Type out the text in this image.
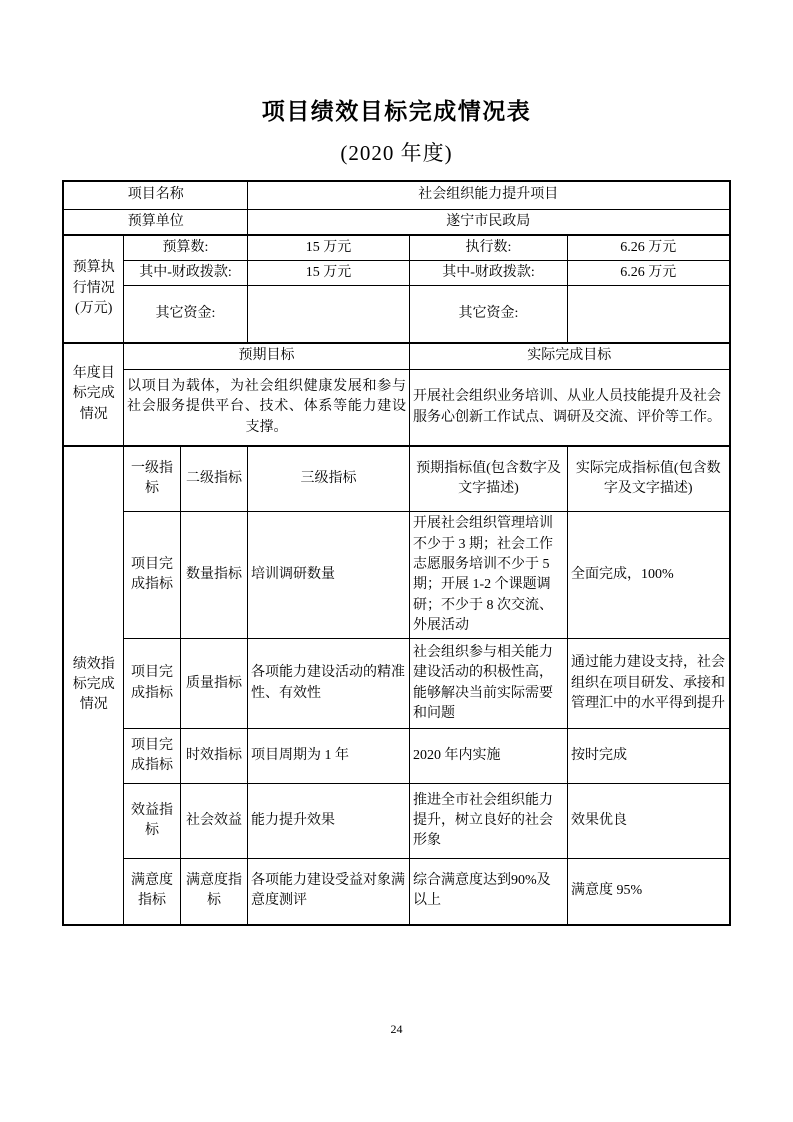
项目绩效目标完成情况表
(2020 年度)
项目名称			社会组织能力提升项目		
预算单位			遂宁市民政局		
预算执行情况(万元)	预算数:		15 万元	执行数:	6.26 万元
	其中-财政拨款:		15 万元	其中-财政拨款:	6.26 万元
	其它资金:			其它资金:	
年度目标完成情况	预期目标			实际完成目标	
	以项目为载体，为社会组织健康发展和参与社会服务提供平台、技术、体系等能力建设支撑。			开展社会组织业务培训、从业人员技能提升及社会服务心创新工作试点、调研及交流、评价等工作。	
绩效指标完成情况	一级指标	二级指标	三级指标	预期指标值(包含数字及文字描述)	实际完成指标值(包含数字及文字描述)
	项目完成指标	数量指标	培训调研数量	开展社会组织管理培训不少于 3 期；社会工作志愿服务培训不少于 5 期；开展 1-2 个课题调研；不少于 8 次交流、外展活动	全面完成，100%
	项目完成指标	质量指标	各项能力建设活动的精准性、有效性	社会组织参与相关能力建设活动的积极性高，能够解决当前实际需要和问题	通过能力建设支持，社会组织在项目研发、承接和管理汇中的水平得到提升
	项目完成指标	时效指标	项目周期为 1 年	2020 年内实施	按时完成
	效益指标	社会效益	能力提升效果	推进全市社会组织能力提升，树立良好的社会形象	效果优良
	满意度指标	满意度指标	各项能力建设受益对象满意度测评	综合满意度达到90%及以上	满意度 95%
24
